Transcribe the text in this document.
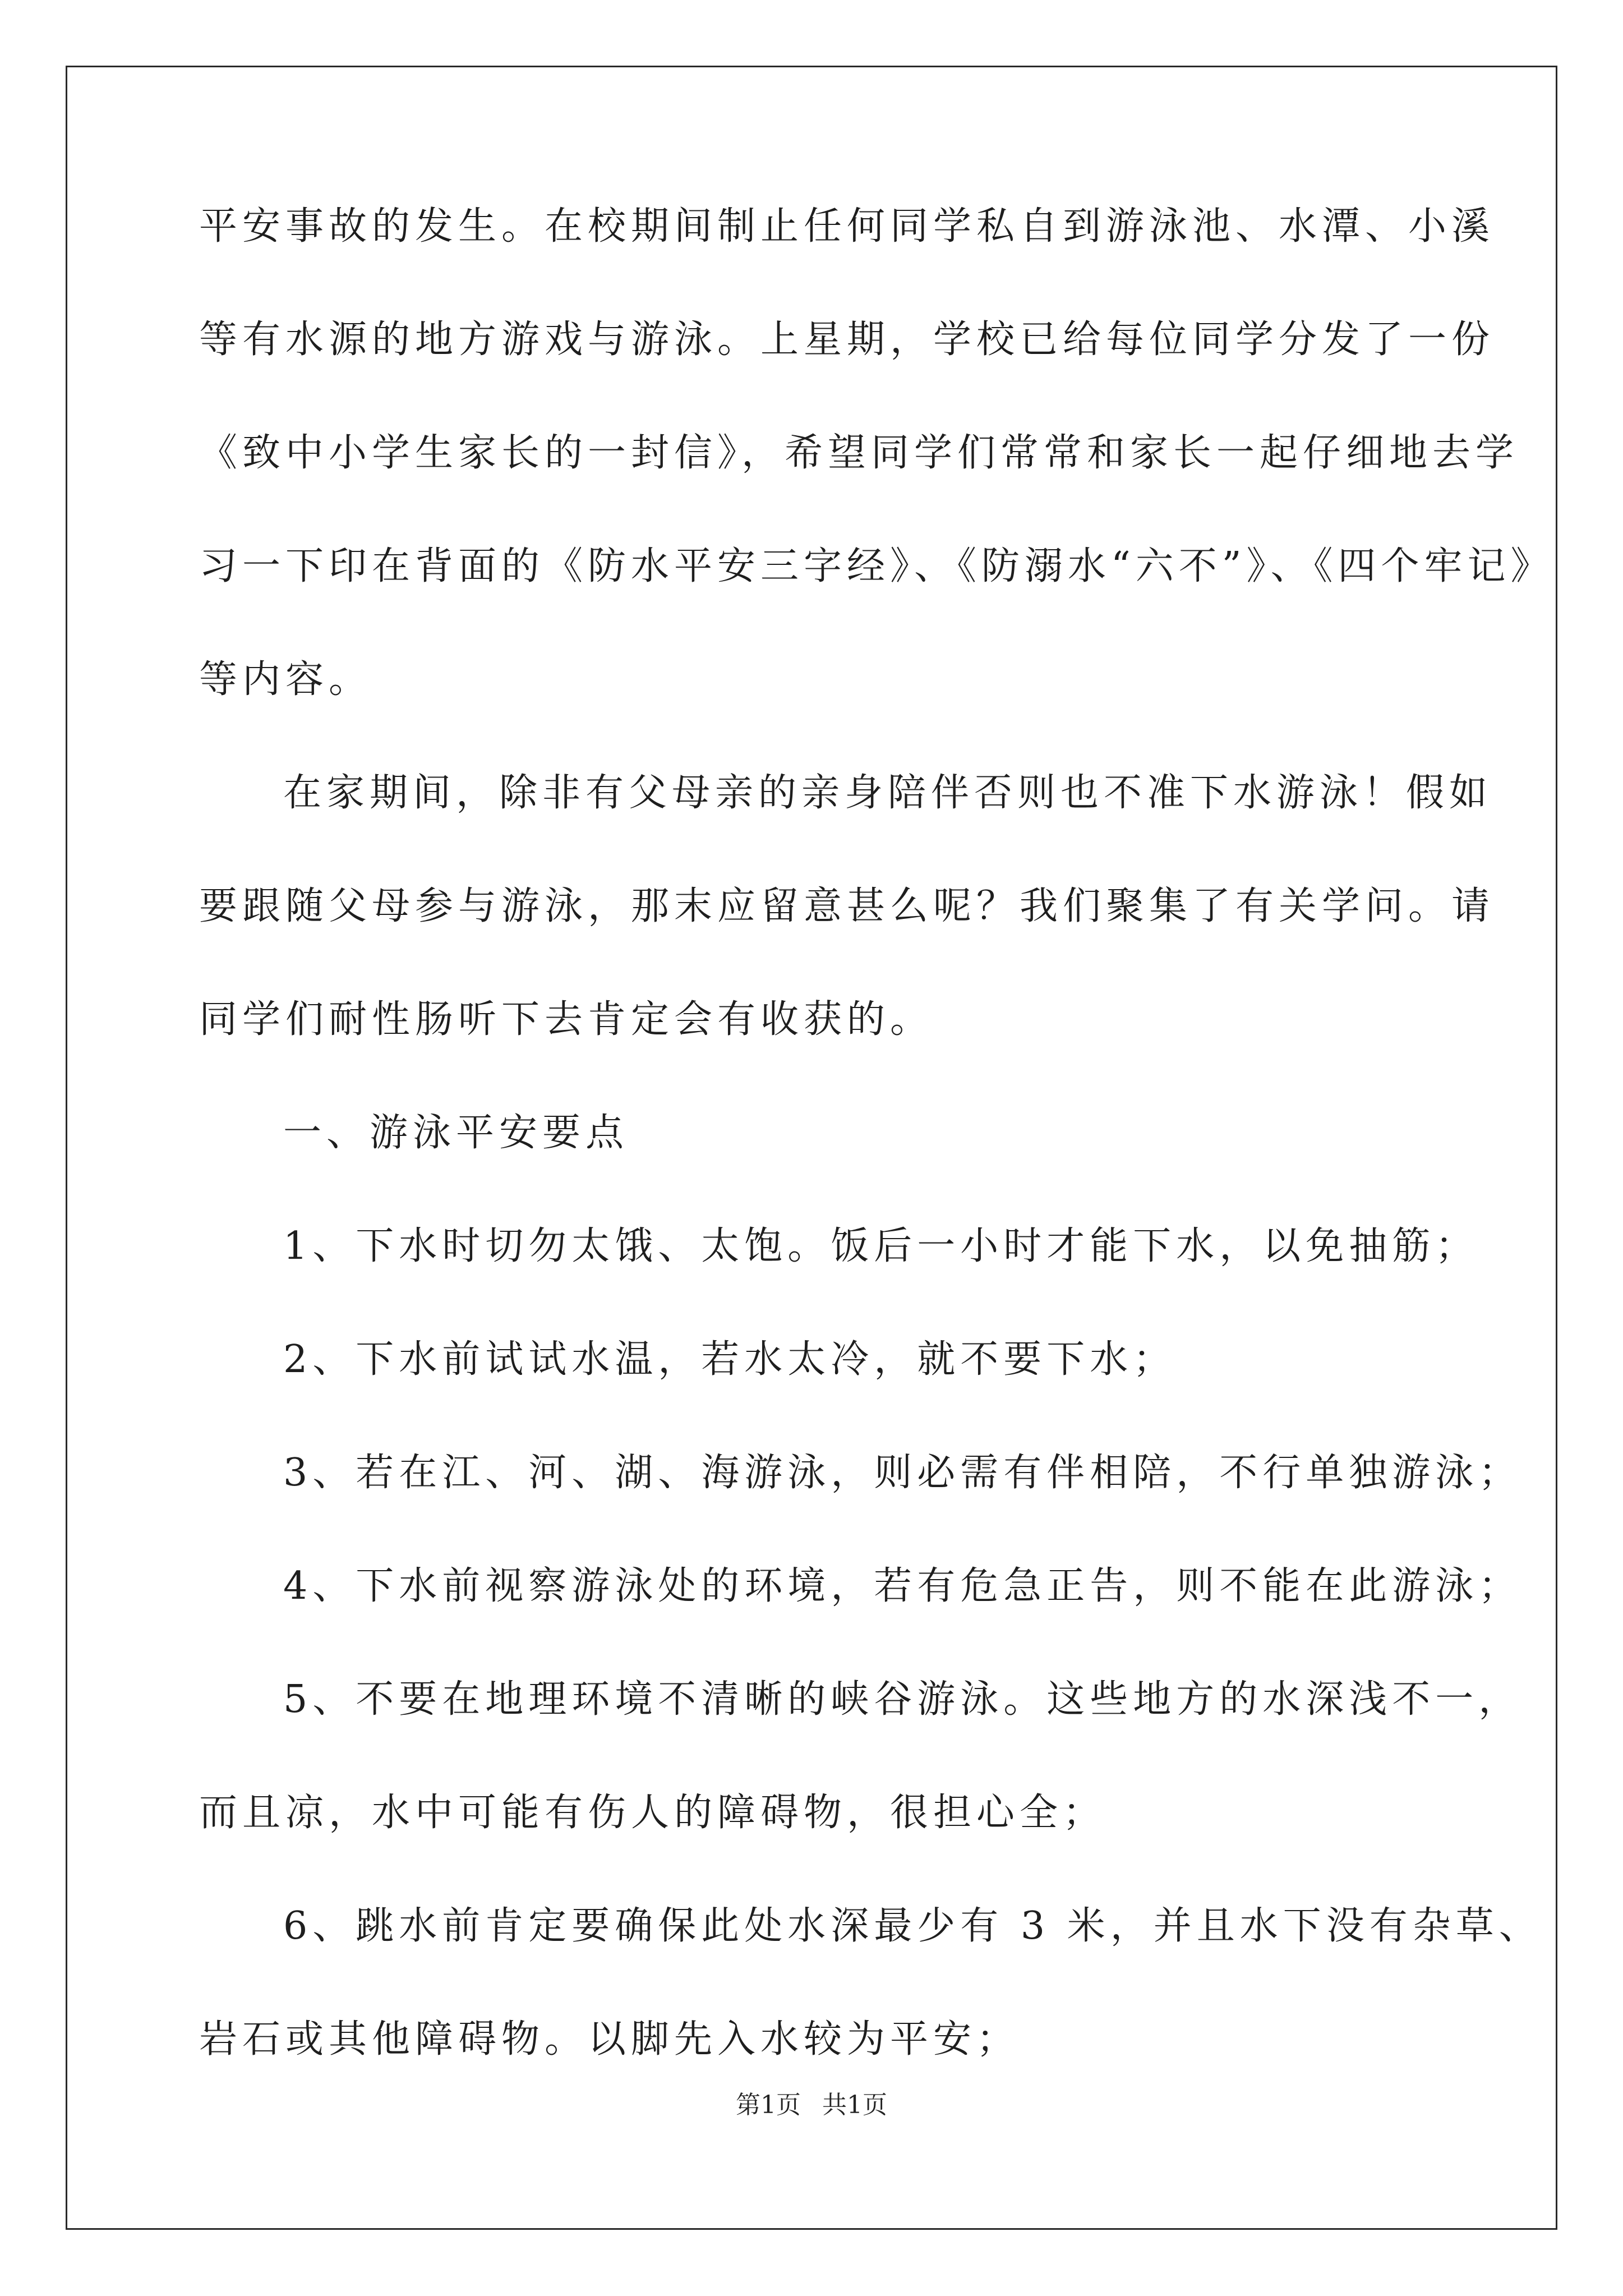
平安事故的发生。在校期间制止任何同学私自到游泳池、水潭、小溪
等有水源的地方游戏与游泳。上星期，学校已给每位同学分发了一份
《致中小学生家长的一封信》，希望同学们常常和家长一起仔细地去学
习一下印在背面的《防水平安三字经》、《防溺水“六不”》、《四个牢记》
等内容。
在家期间，除非有父母亲的亲身陪伴否则也不准下水游泳！假如
要跟随父母参与游泳，那末应留意甚么呢？我们聚集了有关学问。请
同学们耐性肠听下去肯定会有收获的。
一、游泳平安要点
1、下水时切勿太饿、太饱。饭后一小时才能下水，以免抽筋；
2、下水前试试水温，若水太冷，就不要下水；
3、若在江、河、湖、海游泳，则必需有伴相陪，不行单独游泳；
4、下水前视察游泳处的环境，若有危急正告，则不能在此游泳；
5、不要在地理环境不清晰的峡谷游泳。这些地方的水深浅不一，
而且凉，水中可能有伤人的障碍物，很担心全；
6、跳水前肯定要确保此处水深最少有 3 米，并且水下没有杂草、
岩石或其他障碍物。以脚先入水较为平安；
第1页 共1页
